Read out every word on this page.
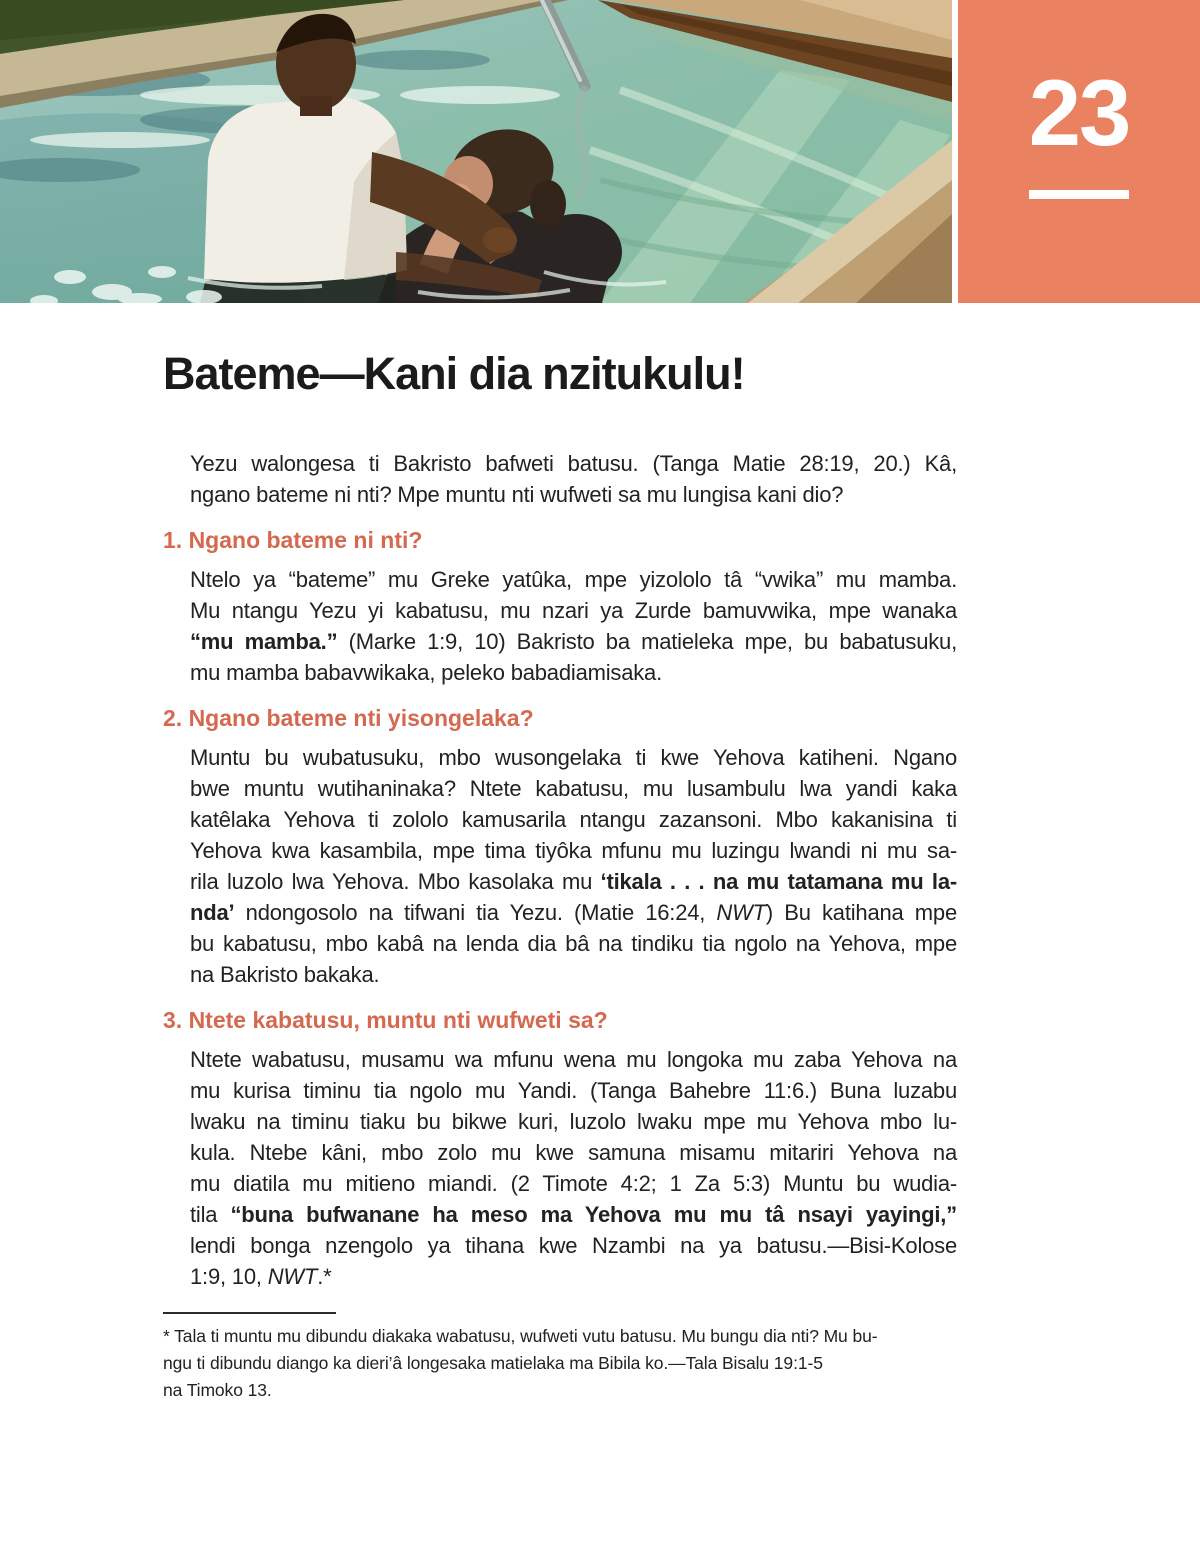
23
Bateme—Kani dia nzitukulu!
Yezu walongesa ti Bakristo bafweti batusu. (Tanga Matie 28:19, 20.) Kâ,
ngano bateme ni nti? Mpe muntu nti wufweti sa mu lungisa kani dio?
1. Ngano bateme ni nti?
Ntelo ya “bateme” mu Greke yatûka, mpe yizololo tâ “vwika” mu mamba.
Mu ntangu Yezu yi kabatusu, mu nzari ya Zurde bamuvwika, mpe wanaka
“mu mamba.” (Marke 1:9, 10) Bakristo ba matieleka mpe, bu babatusuku,
mu mamba babavwikaka, peleko babadiamisaka.
2. Ngano bateme nti yisongelaka?
Muntu bu wubatusuku, mbo wusongelaka ti kwe Yehova katiheni. Ngano
bwe muntu wutihaninaka? Ntete kabatusu, mu lusambulu lwa yandi kaka
katêlaka Yehova ti zololo kamusarila ntangu zazansoni. Mbo kakanisina ti
Yehova kwa kasambila, mpe tima tiyôka mfunu mu luzingu lwandi ni mu sa-
rila luzolo lwa Yehova. Mbo kasolaka mu ‘tikala . . . na mu tatamana mu la-
nda’ ndongosolo na tifwani tia Yezu. (Matie 16:24, NWT) Bu katihana mpe
bu kabatusu, mbo kabâ na lenda dia bâ na tindiku tia ngolo na Yehova, mpe
na Bakristo bakaka.
3. Ntete kabatusu, muntu nti wufweti sa?
Ntete wabatusu, musamu wa mfunu wena mu longoka mu zaba Yehova na
mu kurisa timinu tia ngolo mu Yandi. (Tanga Bahebre 11:6.) Buna luzabu
lwaku na timinu tiaku bu bikwe kuri, luzolo lwaku mpe mu Yehova mbo lu-
kula. Ntebe kâni, mbo zolo mu kwe samuna misamu mitariri Yehova na
mu diatila mu mitieno miandi. (2 Timote 4:2; 1 Za 5:3) Muntu bu wudia-
tila “buna bufwanane ha meso ma Yehova mu mu tâ nsayi yayingi,”
lendi bonga nzengolo ya tihana kwe Nzambi na ya batusu.—Bisi-Kolose
1:9, 10, NWT.*
* Tala ti muntu mu dibundu diakaka wabatusu, wufweti vutu batusu. Mu bungu dia nti? Mu bu-
ngu ti dibundu diango ka dieri’â longesaka matielaka ma Bibila ko.—Tala Bisalu 19:1-5
na Timoko 13.
